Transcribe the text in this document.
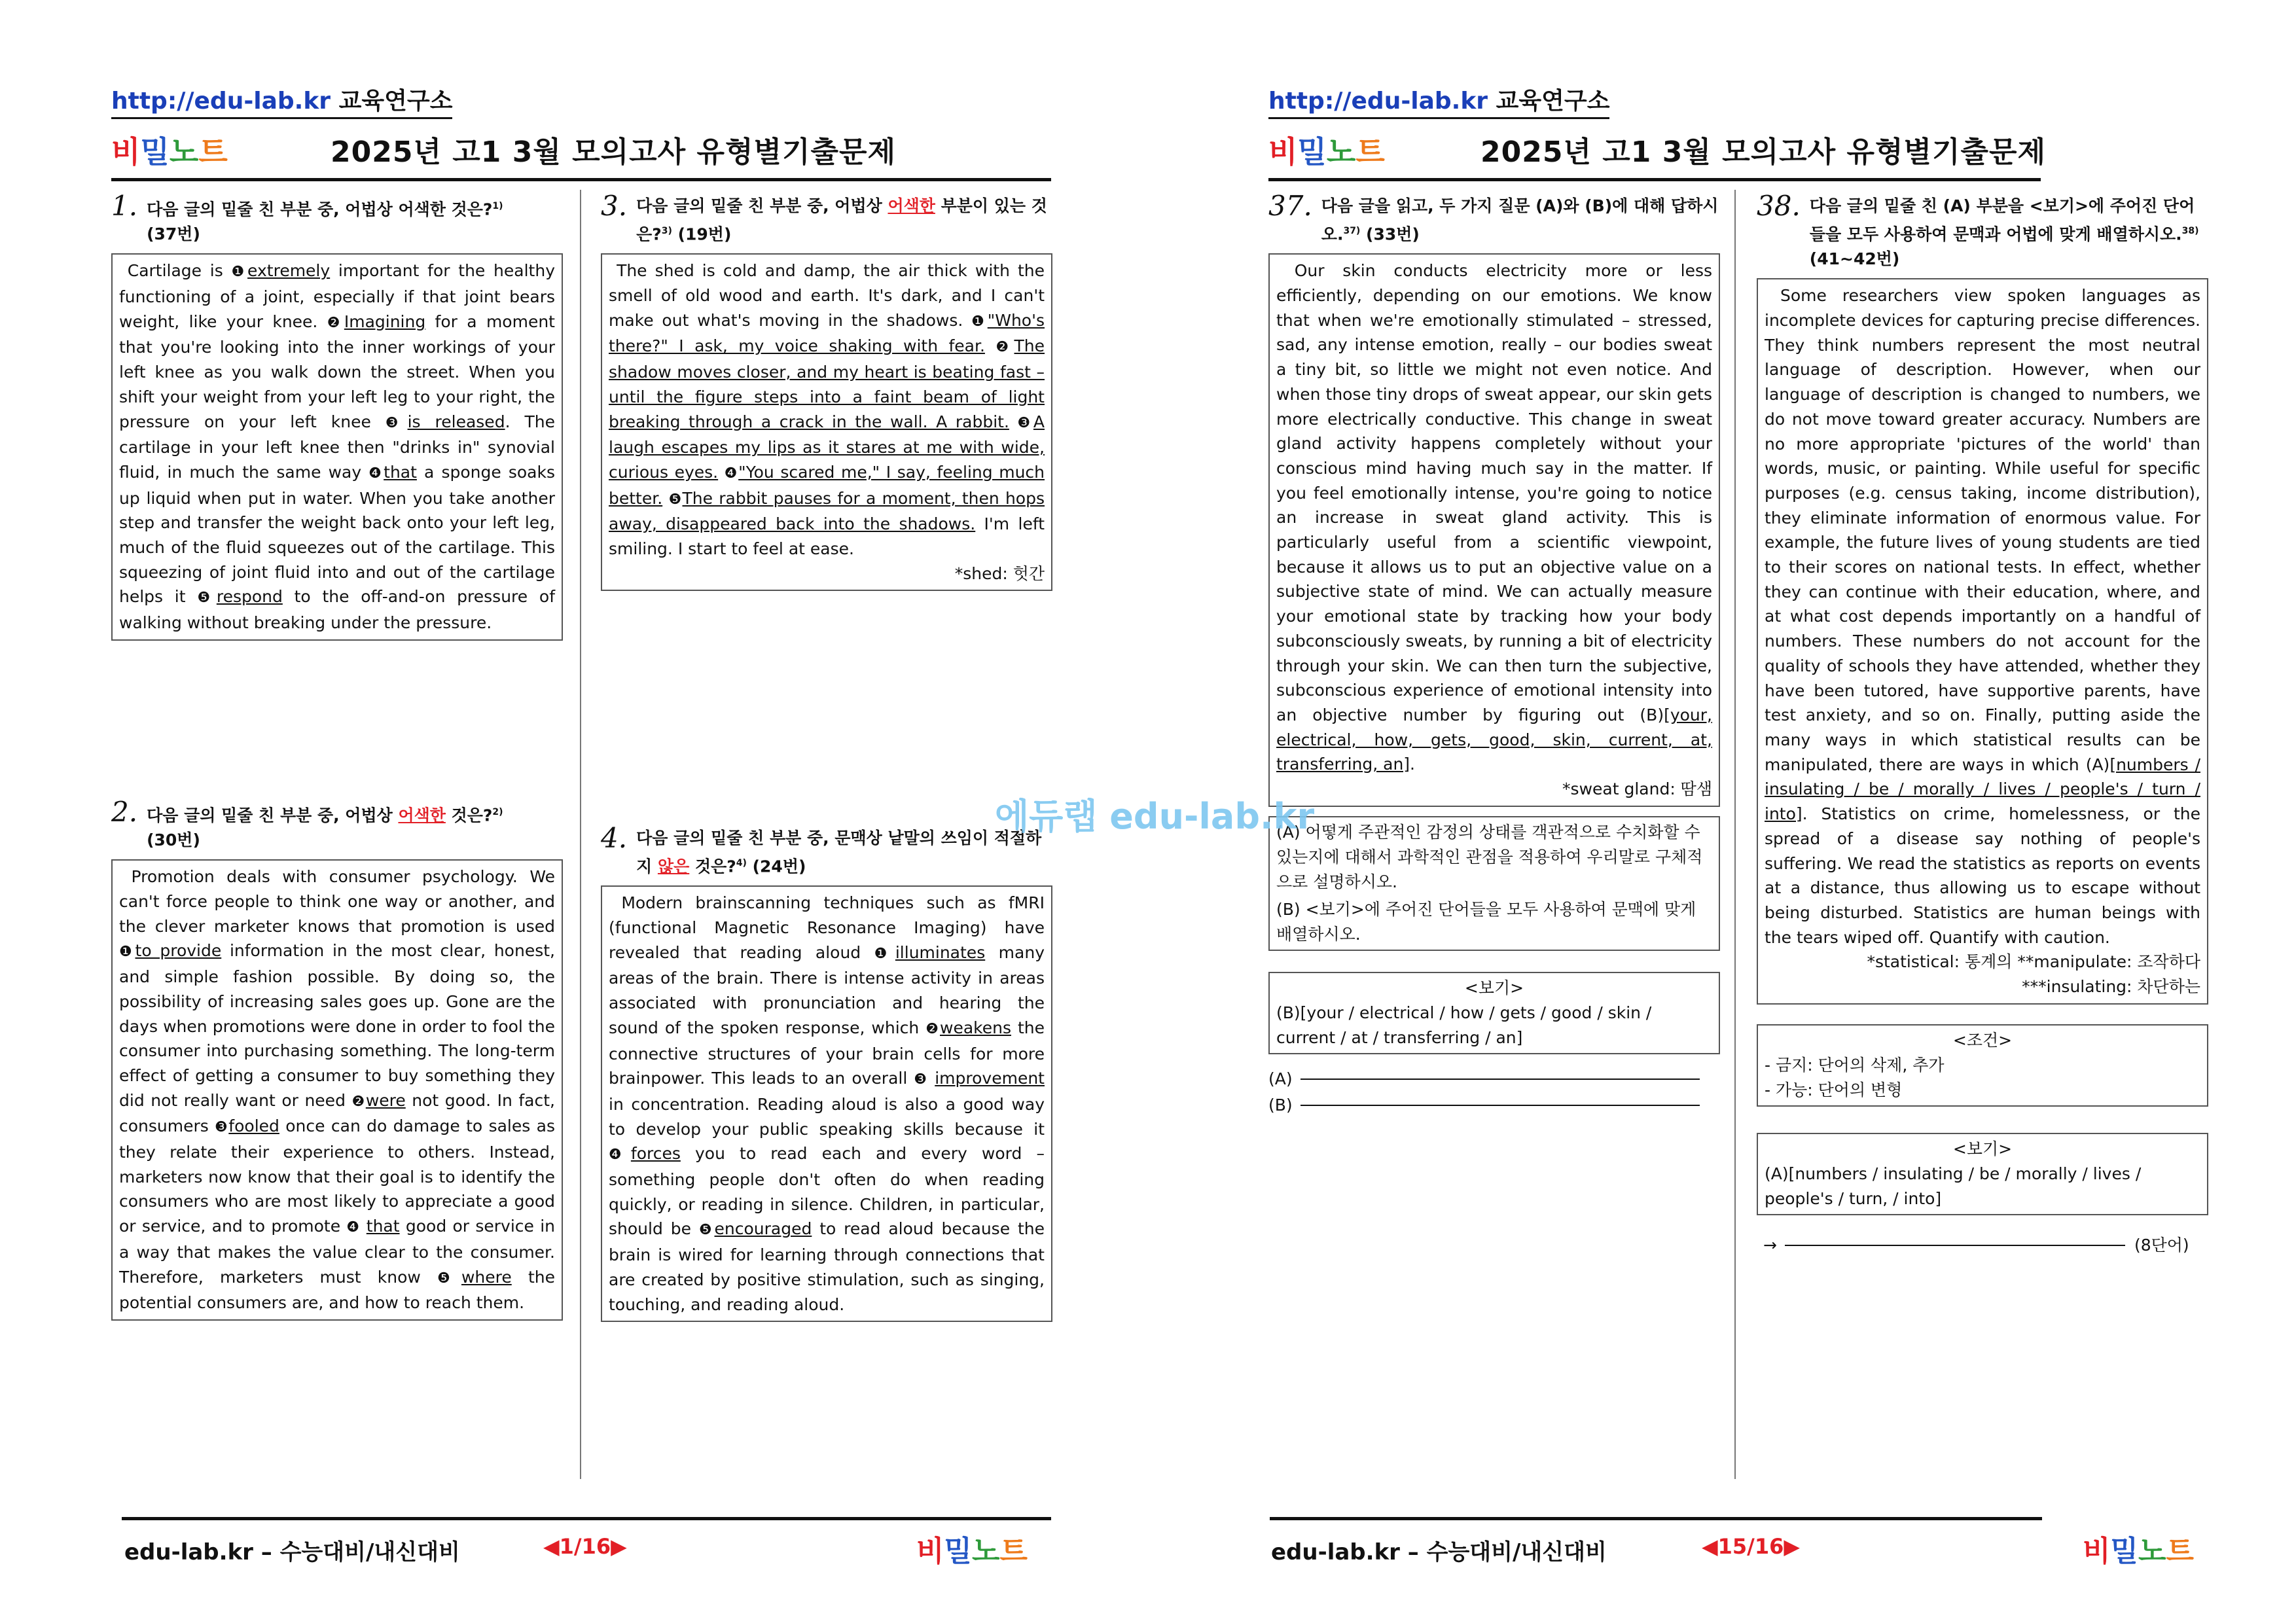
http://edu-lab.kr 교육연구소
비밀노트	2025년 고1 3월 모의고사 유형별기출문제
1. 다음 글의 밑줄 친 부분 중, 어법상 어색한 것은?$^{1)}$
(37번)
Cartilage is ❶extremely important for the healthy functioning of a joint, especially if that joint bears weight, like your knee. ❷Imagining for a moment that you're looking into the inner workings of your left knee as you walk down the street. When you shift your weight from your left leg to your right, the pressure on your left knee ❸is released. The cartilage in your left knee then "drinks in" synovial fluid, in much the same way ❹that a sponge soaks up liquid when put in water. When you take another step and transfer the weight back onto your left leg, much of the fluid squeezes out of the cartilage. This squeezing of joint fluid into and out of the cartilage helps it ❺respond to the off-and-on pressure of walking without breaking under the pressure.
2. 다음 글의 밑줄 친 부분 중, 어법상 어색한 것은?$^{2)}$
(30번)
Promotion deals with consumer psychology. We can't force people to think one way or another, and the clever marketer knows that promotion is used ❶to provide information in the most clear, honest, and simple fashion possible. By doing so, the possibility of increasing sales goes up. Gone are the days when promotions were done in order to fool the consumer into purchasing something. The long-term effect of getting a consumer to buy something they did not really want or need ❷were not good. In fact, consumers ❸fooled once can do damage to sales as they relate their experience to others. Instead, marketers now know that their goal is to identify the consumers who are most likely to appreciate a good or service, and to promote ❹ that good or service in a way that makes the value clear to the consumer. Therefore, marketers must know ❺where the potential consumers are, and how to reach them.
3. 다음 글의 밑줄 친 부분 중, 어법상 어색한 부분이 있는 것은?$^{3)}$ (19번)
The shed is cold and damp, the air thick with the smell of old wood and earth. It's dark, and I can't make out what's moving in the shadows. ❶"Who's there?" I ask, my voice shaking with fear. ❷The shadow moves closer, and my heart is beating fast – until the figure steps into a faint beam of light breaking through a crack in the wall. A rabbit. ❸A laugh escapes my lips as it stares at me with wide, curious eyes. ❹"You scared me," I say, feeling much better. ❺The rabbit pauses for a moment, then hops away, disappeared back into the shadows. I'm left smiling. I start to feel at ease.
*shed: 헛간
4. 다음 글의 밑줄 친 부분 중, 문맥상 낱말의 쓰임이 적절하지 않은 것은?$^{4)}$ (24번)
Modern brainscanning techniques such as fMRI (functional Magnetic Resonance Imaging) have revealed that reading aloud ❶illuminates many areas of the brain. There is intense activity in areas associated with pronunciation and hearing the sound of the spoken response, which ❷weakens the connective structures of your brain cells for more brainpower. This leads to an overall ❸ improvement in concentration. Reading aloud is also a good way to develop your public speaking skills because it ❹forces you to read each and every word – something people don't often do when reading quickly, or reading in silence. Children, in particular, should be ❺encouraged to read aloud because the brain is wired for learning through connections that are created by positive stimulation, such as singing, touching, and reading aloud.
edu-lab.kr – 수능대비/내신대비	◀1/16▶	비밀노트
http://edu-lab.kr 교육연구소
비밀노트	2025년 고1 3월 모의고사 유형별기출문제
37. 다음 글을 읽고, 두 가지 질문 (A)와 (B)에 대해 답하시오.$^{37)}$ (33번)
Our skin conducts electricity more or less efficiently, depending on our emotions. We know that when we're emotionally stimulated – stressed, sad, any intense emotion, really – our bodies sweat a tiny bit, so little we might not even notice. And when those tiny drops of sweat appear, our skin gets more electrically conductive. This change in sweat gland activity happens completely without your conscious mind having much say in the matter. If you feel emotionally intense, you're going to notice an increase in sweat gland activity. This is particularly useful from a scientific viewpoint, because it allows us to put an objective value on a subjective state of mind. We can actually measure your emotional state by tracking how your body subconsciously sweats, by running a bit of electricity through your skin. We can then turn the subjective, subconscious experience of emotional intensity into an objective number by figuring out (B)[your, electrical, how, gets, good, skin, current, at, transferring, an].
*sweat gland: 땀샘
(A) 어떻게 주관적인 감정의 상태를 객관적으로 수치화할 수 있는지에 대해서 과학적인 관점을 적용하여 우리말로 구체적으로 설명하시오.
(B) <보기>에 주어진 단어들을 모두 사용하여 문맥에 맞게 배열하시오.
<보기>
(B)[your / electrical / how / gets / good / skin / current / at / transferring / an]
(A)
(B)
38. 다음 글의 밑줄 친 (A) 부분을 <보기>에 주어진 단어들을 모두 사용하여 문맥과 어법에 맞게 배열하시오.$^{38)}$ (41~42번)
Some researchers view spoken languages as incomplete devices for capturing precise differences. They think numbers represent the most neutral language of description. However, when our language of description is changed to numbers, we do not move toward greater accuracy. Numbers are no more appropriate 'pictures of the world' than words, music, or painting. While useful for specific purposes (e.g. census taking, income distribution), they eliminate information of enormous value. For example, the future lives of young students are tied to their scores on national tests. In effect, whether they can continue with their education, where, and at what cost depends importantly on a handful of numbers. These numbers do not account for the quality of schools they have attended, whether they have been tutored, have supportive parents, have test anxiety, and so on. Finally, putting aside the many ways in which statistical results can be manipulated, there are ways in which (A)[numbers / insulating / be / morally / lives / people's / turn / into]. Statistics on crime, homelessness, or the spread of a disease say nothing of people's suffering. We read the statistics as reports on events at a distance, thus allowing us to escape without being disturbed. Statistics are human beings with the tears wiped off. Quantify with caution.
*statistical: 통계의 **manipulate: 조작하다
***insulating: 차단하는
<조건>
- 금지: 단어의 삭제, 추가
- 가능: 단어의 변형
<보기>
(A)[numbers / insulating / be / morally / lives / people's / turn, / into]
→	(8단어)
edu-lab.kr – 수능대비/내신대비	◀15/16▶	비밀노트
에듀랩 edu-lab.kr
